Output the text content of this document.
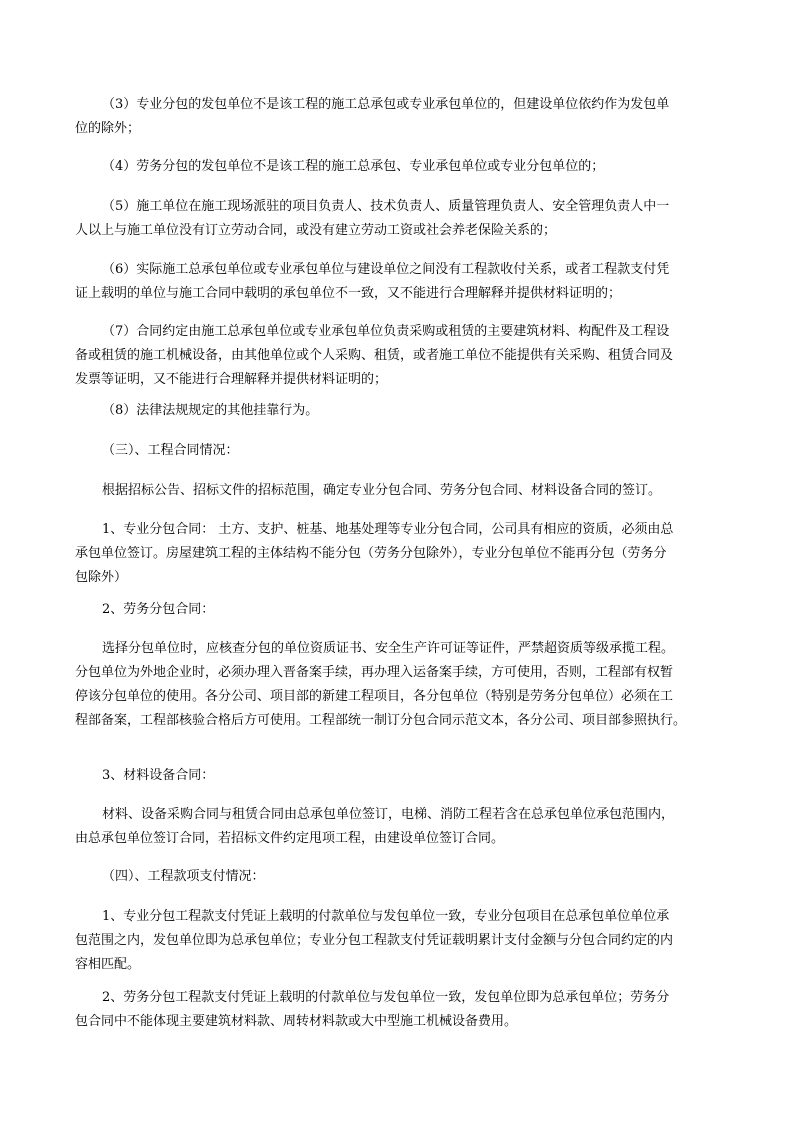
（3）专业分包的发包单位不是该工程的施工总承包或专业承包单位的，但建设单位依约作为发包单
位的除外；
（4）劳务分包的发包单位不是该工程的施工总承包、专业承包单位或专业分包单位的；
（5）施工单位在施工现场派驻的项目负责人、技术负责人、质量管理负责人、安全管理负责人中一
人以上与施工单位没有订立劳动合同，或没有建立劳动工资或社会养老保险关系的；
（6）实际施工总承包单位或专业承包单位与建设单位之间没有工程款收付关系，或者工程款支付凭
证上载明的单位与施工合同中载明的承包单位不一致，又不能进行合理解释并提供材料证明的；
（7）合同约定由施工总承包单位或专业承包单位负责采购或租赁的主要建筑材料、构配件及工程设
备或租赁的施工机械设备，由其他单位或个人采购、租赁，或者施工单位不能提供有关采购、租赁合同及
发票等证明，又不能进行合理解释并提供材料证明的；
（8）法律法规规定的其他挂靠行为。
（三）、工程合同情况：
根据招标公告、招标文件的招标范围，确定专业分包合同、劳务分包合同、材料设备合同的签订。
1、专业分包合同： 土方、支护、桩基、地基处理等专业分包合同，公司具有相应的资质，必须由总
承包单位签订。房屋建筑工程的主体结构不能分包（劳务分包除外），专业分包单位不能再分包（劳务分
包除外）
2、劳务分包合同：
选择分包单位时，应核查分包的单位资质证书、安全生产许可证等证件，严禁超资质等级承揽工程。
分包单位为外地企业时，必须办理入晋备案手续，再办理入运备案手续，方可使用，否则，工程部有权暂
停该分包单位的使用。各分公司、项目部的新建工程项目，各分包单位（特别是劳务分包单位）必须在工
程部备案，工程部核验合格后方可使用。工程部统一制订分包合同示范文本，各分公司、项目部参照执行。
3、材料设备合同：
材料、设备采购合同与租赁合同由总承包单位签订，电梯、消防工程若含在总承包单位承包范围内，
由总承包单位签订合同，若招标文件约定甩项工程，由建设单位签订合同。
（四）、工程款项支付情况：
1、专业分包工程款支付凭证上载明的付款单位与发包单位一致，专业分包项目在总承包单位单位承
包范围之内，发包单位即为总承包单位；专业分包工程款支付凭证载明累计支付金额与分包合同约定的内
容相匹配。
2、劳务分包工程款支付凭证上载明的付款单位与发包单位一致，发包单位即为总承包单位；劳务分
包合同中不能体现主要建筑材料款、周转材料款或大中型施工机械设备费用。
